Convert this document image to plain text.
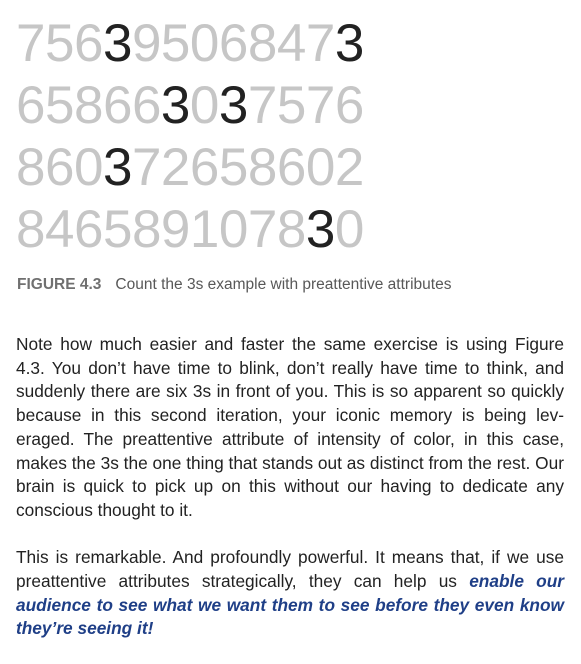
756395068473
658663037576
860372658602
846589107830
FIGURE 4.3 Count the 3s example with preattentive attributes

Note how much easier and faster the same exercise is using Figure 4.3. You don’t have time to blink, don’t really have time to think, and suddenly there are six 3s in front of you. This is so apparent so quickly because in this second iteration, your iconic memory is being lev-eraged. The preattentive attribute of intensity of color, in this case, makes the 3s the one thing that stands out as distinct from the rest. Our brain is quick to pick up on this without our having to dedicate any conscious thought to it.

This is remarkable. And profoundly powerful. It means that, if we use preattentive attributes strategically, they can help us enable our audience to see what we want them to see before they even know they’re seeing it!
